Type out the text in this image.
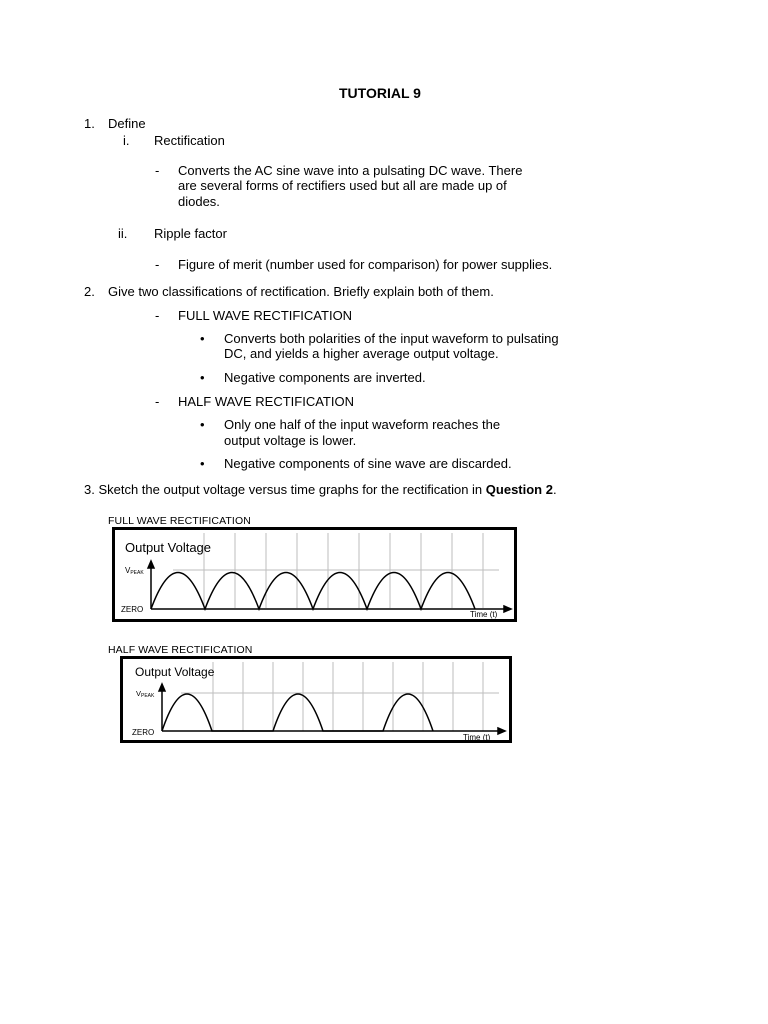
TUTORIAL 9
1. Define
i. Rectification
- Converts the AC sine wave into a pulsating DC wave. There
are several forms of rectifiers used but all are made up of
diodes.
ii. Ripple factor
- Figure of merit (number used for comparison) for power supplies.
2. Give two classifications of rectification. Briefly explain both of them.
- FULL WAVE RECTIFICATION
• Converts both polarities of the input waveform to pulsating
DC, and yields a higher average output voltage.
• Negative components are inverted.
- HALF WAVE RECTIFICATION
• Only one half of the input waveform reaches the
output voltage is lower.
• Negative components of sine wave are discarded.
3. Sketch the output voltage versus time graphs for the rectification in Question 2.
FULL WAVE RECTIFICATION
Output Voltage
VPEAK
ZERO
Time (t)
HALF WAVE RECTIFICATION
Output Voltage
VPEAK
ZERO
Time (t)
